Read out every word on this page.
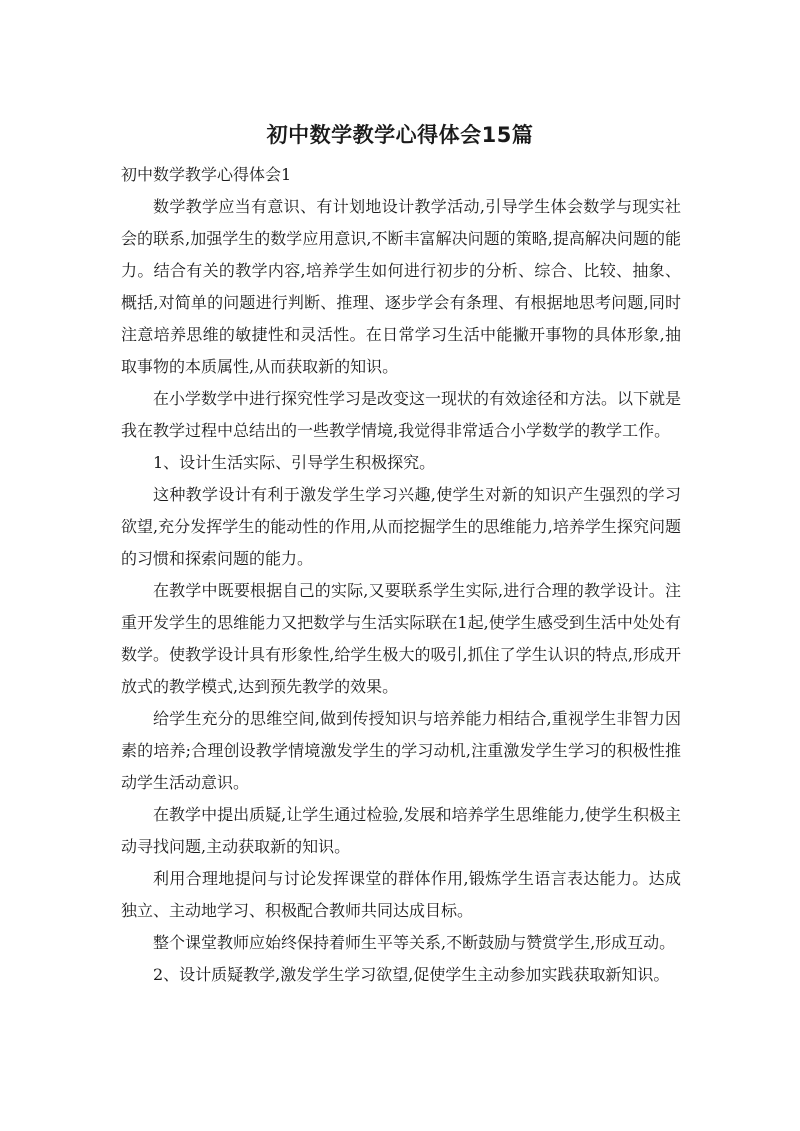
初中数学教学心得体会15篇

初中数学教学心得体会1

数学教学应当有意识、有计划地设计教学活动,引导学生体会数学与现实社会的联系,加强学生的数学应用意识,不断丰富解决问题的策略,提高解决问题的能力。结合有关的教学内容,培养学生如何进行初步的分析、综合、比较、抽象、概括,对简单的问题进行判断、推理、逐步学会有条理、有根据地思考问题,同时注意培养思维的敏捷性和灵活性。在日常学习生活中能撇开事物的具体形象,抽取事物的本质属性,从而获取新的知识。

在小学数学中进行探究性学习是改变这一现状的有效途径和方法。以下就是我在教学过程中总结出的一些教学情境,我觉得非常适合小学数学的教学工作。

1、设计生活实际、引导学生积极探究。

这种教学设计有利于激发学生学习兴趣,使学生对新的知识产生强烈的学习欲望,充分发挥学生的能动性的作用,从而挖掘学生的思维能力,培养学生探究问题的习惯和探索问题的能力。

在教学中既要根据自己的实际,又要联系学生实际,进行合理的教学设计。注重开发学生的思维能力又把数学与生活实际联在1起,使学生感受到生活中处处有数学。使教学设计具有形象性,给学生极大的吸引,抓住了学生认识的特点,形成开放式的教学模式,达到预先教学的效果。

给学生充分的思维空间,做到传授知识与培养能力相结合,重视学生非智力因素的培养;合理创设教学情境激发学生的学习动机,注重激发学生学习的积极性推动学生活动意识。

在教学中提出质疑,让学生通过检验,发展和培养学生思维能力,使学生积极主动寻找问题,主动获取新的知识。

利用合理地提问与讨论发挥课堂的群体作用,锻炼学生语言表达能力。达成独立、主动地学习、积极配合教师共同达成目标。

整个课堂教师应始终保持着师生平等关系,不断鼓励与赞赏学生,形成互动。

2、设计质疑教学,激发学生学习欲望,促使学生主动参加实践获取新知识。
